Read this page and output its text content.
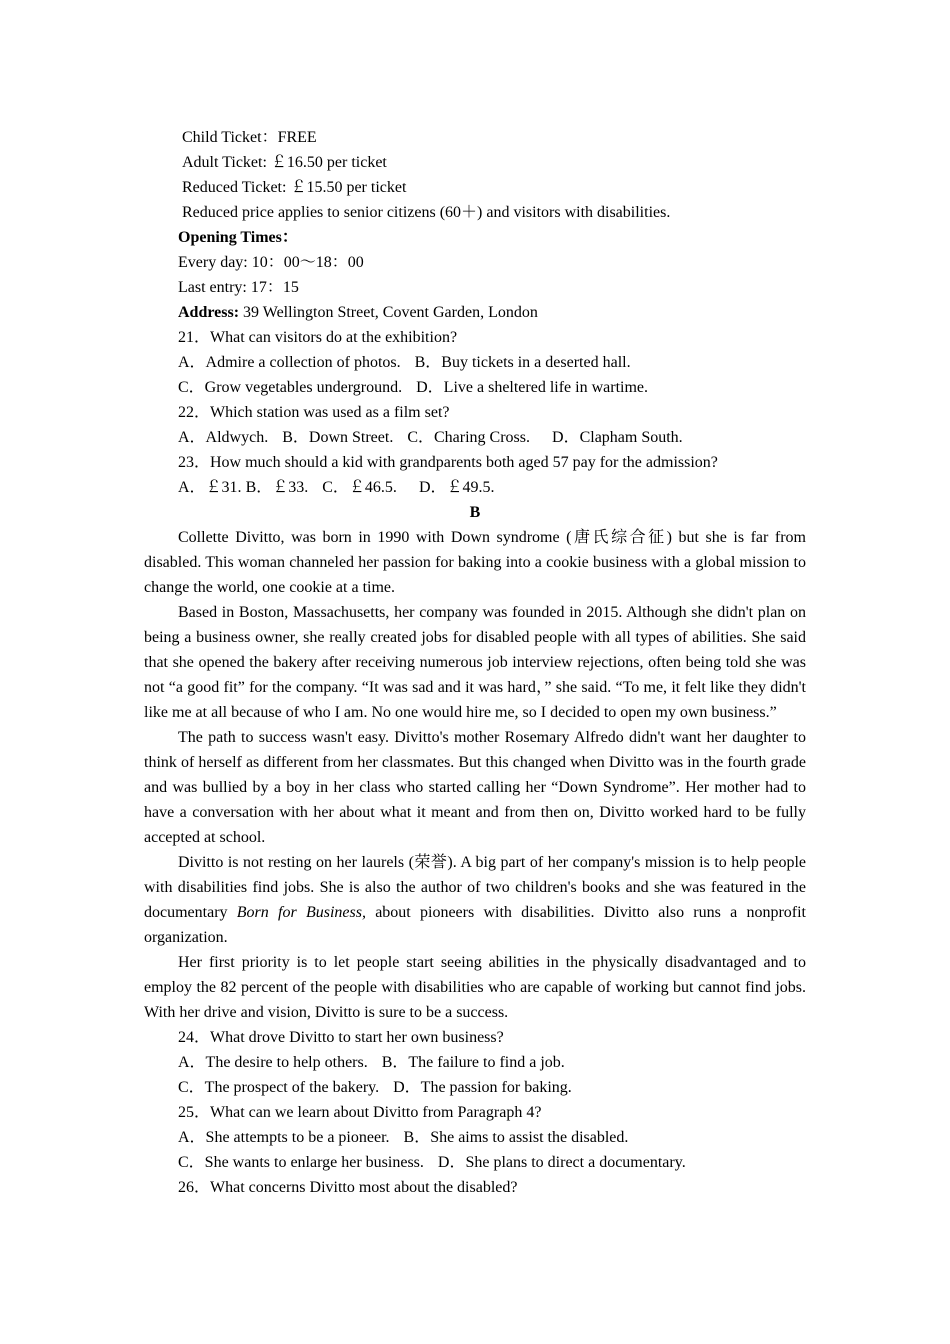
Child Ticket：FREE
Adult Ticket: ￡16.50 per ticket
Reduced Ticket: ￡15.50 per ticket
Reduced price applies to senior citizens (60＋) and visitors with disabilities.
Opening Times：
Every day: 10：00～18：00
Last entry: 17：15
Address: 39 Wellington Street, Covent Garden, London
21．What can visitors do at the exhibition?
A．Admire a collection of photos. B．Buy tickets in a deserted hall.
C．Grow vegetables underground. D．Live a sheltered life in wartime.
22．Which station was used as a film set?
A．Aldwych. B．Down Street. C．Charing Cross. D．Clapham South.
23．How much should a kid with grandparents both aged 57 pay for the admission?
A．￡31. B．￡33. C．￡46.5. D．￡49.5.
B

Collette Divitto, was born in 1990 with Down syndrome (唐氏综合征) but she is far from disabled. This woman channeled her passion for baking into a cookie business with a global mission to change the world, one cookie at a time.

Based in Boston, Massachusetts, her company was founded in 2015. Although she didn't plan on being a business owner, she really created jobs for disabled people with all types of abilities. She said that she opened the bakery after receiving numerous job interview rejections, often being told she was not “a good fit” for the company. “It was sad and it was hard，” she said. “To me, it felt like they didn't like me at all because of who I am. No one would hire me, so I decided to open my own business.”

The path to success wasn't easy. Divitto's mother Rosemary Alfredo didn't want her daughter to think of herself as different from her classmates. But this changed when Divitto was in the fourth grade and was bullied by a boy in her class who started calling her “Down Syndrome”. Her mother had to have a conversation with her about what it meant and from then on, Divitto worked hard to be fully accepted at school.

Divitto is not resting on her laurels (荣誉). A big part of her company's mission is to help people with disabilities find jobs. She is also the author of two children's books and she was featured in the documentary Born for Business, about pioneers with disabilities. Divitto also runs a nonprofit organization.

Her first priority is to let people start seeing abilities in the physically disadvantaged and to employ the 82 percent of the people with disabilities who are capable of working but cannot find jobs. With her drive and vision, Divitto is sure to be a success.

24．What drove Divitto to start her own business?
A．The desire to help others. B．The failure to find a job.
C．The prospect of the bakery. D．The passion for baking.
25．What can we learn about Divitto from Paragraph 4?
A．She attempts to be a pioneer. B．She aims to assist the disabled.
C．She wants to enlarge her business. D．She plans to direct a documentary.
26．What concerns Divitto most about the disabled?
